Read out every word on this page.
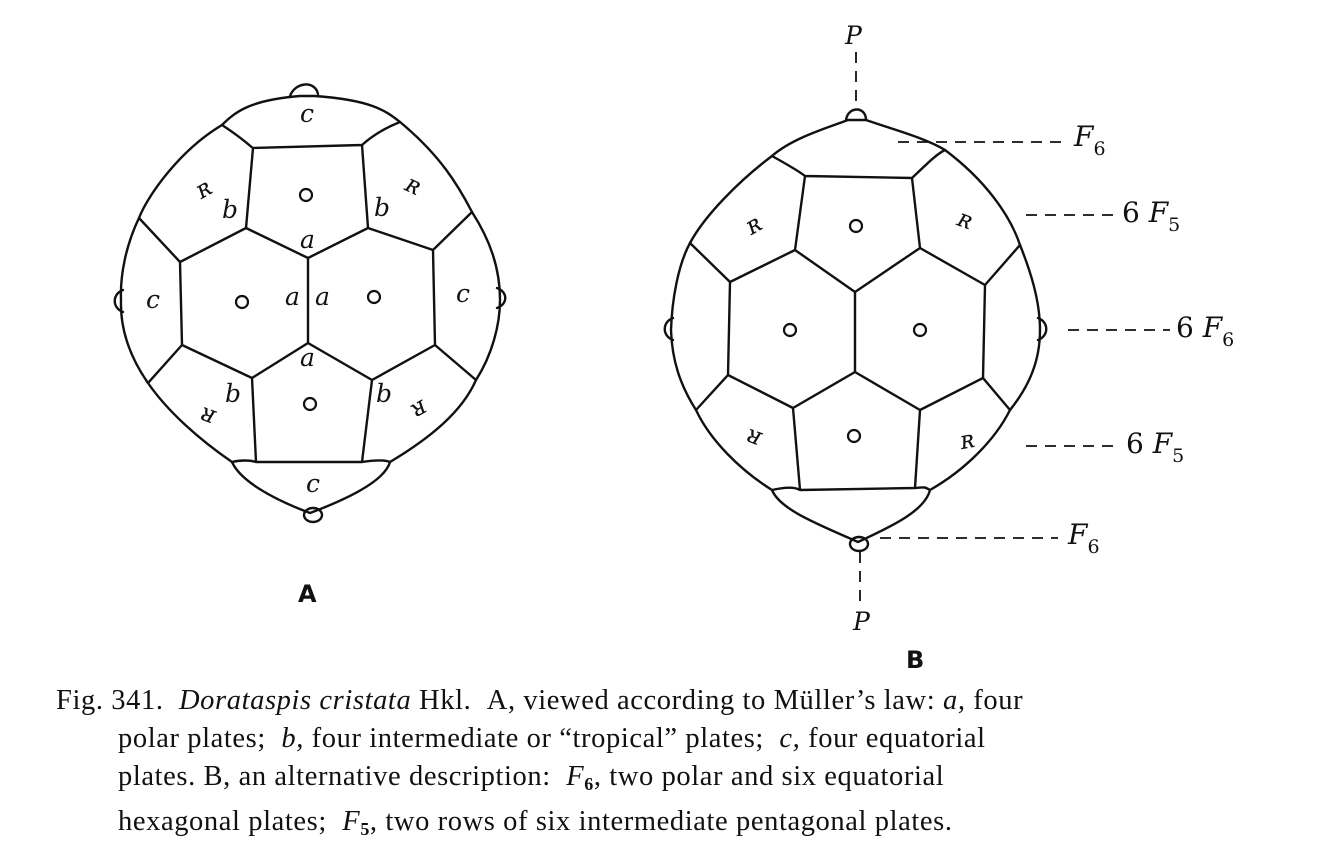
ʀ	ʀ
ʀ	ʀ
c
b	b
a
c	a a	c
a
b	b
c
A
P
P
ʀ	ʀ
ʀ	ʀ
$F_6$
6 $F_5$
6 $F_6$
6 $F_5$
$F_6$
B
Fig. 341. Dorataspis cristata Hkl. A, viewed according to Müller’s law: a, four
polar plates; b, four intermediate or “tropical” plates; c, four equatorial
plates. B, an alternative description: $F_6$, two polar and six equatorial
hexagonal plates; $F_5$, two rows of six intermediate pentagonal plates.
